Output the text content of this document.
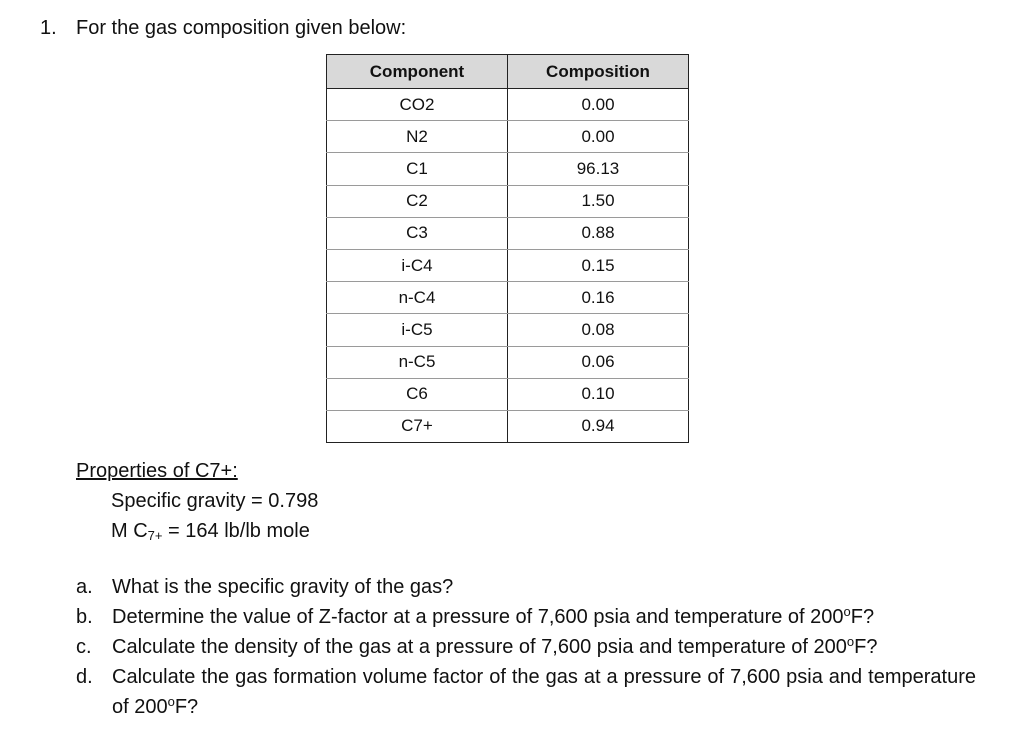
1. For the gas composition given below:
Component	Composition
CO2	0.00
N2	0.00
C1	96.13
C2	1.50
C3	0.88
i-C4	0.15
n-C4	0.16
i-C5	0.08
n-C5	0.06
C6	0.10
C7+	0.94
Properties of C7+:
Specific gravity = 0.798
M $C_{7+} = 164$ lb/lb mole
a. What is the specific gravity of the gas?
b. Determine the value of Z-factor at a pressure of 7,600 psia and temperature of 200$^o$F?
c.	Calculate the density of the gas at a pressure of 7,600 psia and temperature of 200$^o$F?
d. Calculate the gas formation volume factor of the gas at a pressure of 7,600 psia and temperature of 200$^o$F?
